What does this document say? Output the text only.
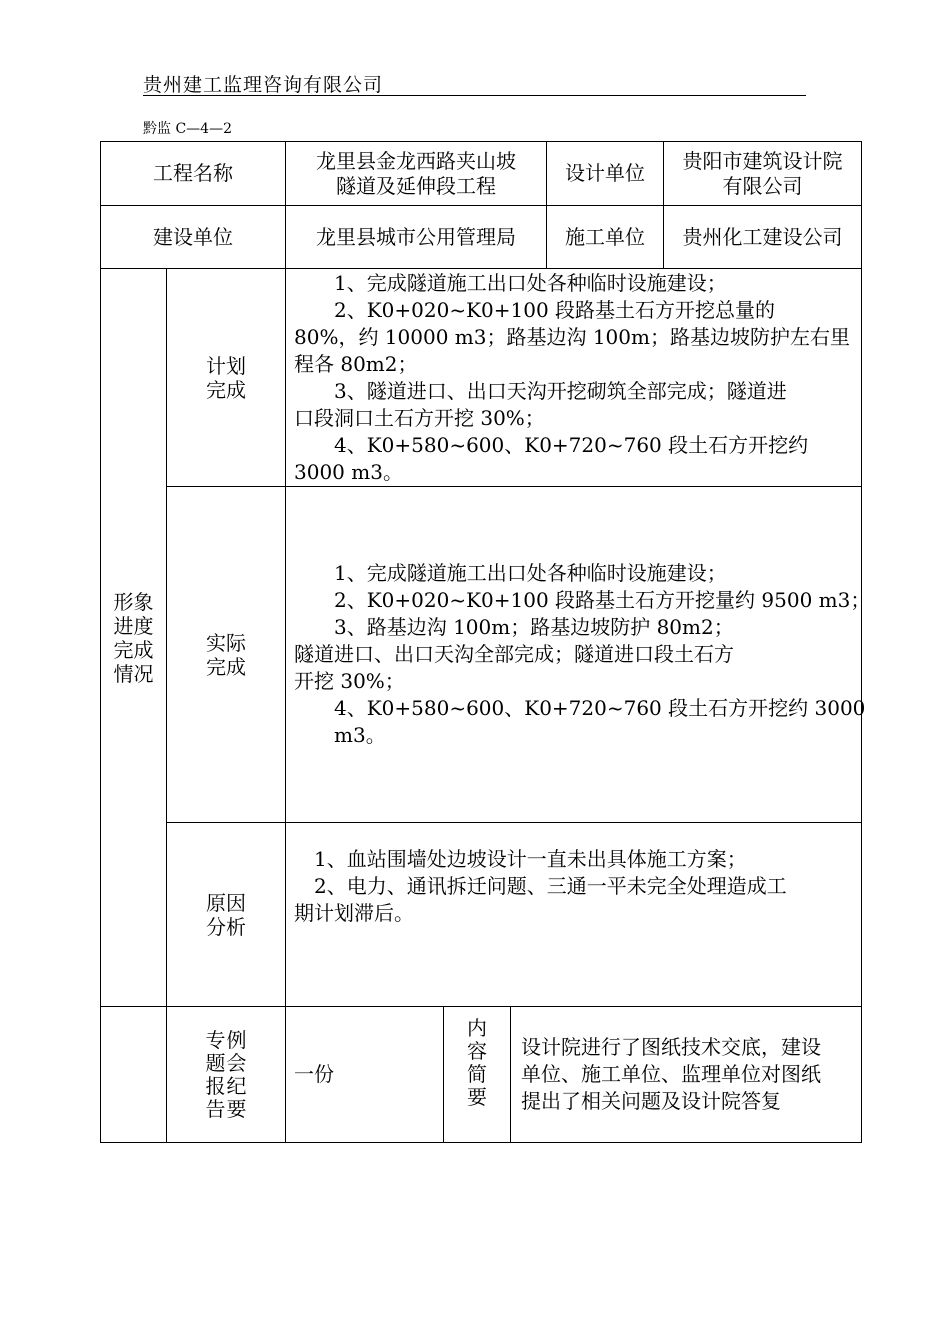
贵州建工监理咨询有限公司
黔监 C—4—2
工程名称
龙里县金龙西路夹山坡
隧道及延伸段工程
设计单位
贵阳市建筑设计院
有限公司
建设单位	龙里县城市公用管理局 施工单位 贵州化工建设公司
形象
进度
完成
情况
计划
完成
　　1、完成隧道施工出口处各种临时设施建设；
　　2、K0+020~K0+100 段路基土石方开挖总量的
80%，约 10000 m3；路基边沟 100m；路基边坡防护左右里
程各 80m2；
　　3、隧道进口、出口天沟开挖砌筑全部完成；隧道进
口段洞口土石方开挖 30%；
　　4、K0+580~600、K0+720~760 段土石方开挖约
3000 m3。
实际
完成
　　1、完成隧道施工出口处各种临时设施建设；
　　2、K0+020~K0+100 段路基土石方开挖量约 9500 m3；
　　3、路基边沟 100m；路基边坡防护 80m2；
隧道进口、出口天沟全部完成；隧道进口段土石方
开挖 30%；
　　4、K0+580~600、K0+720~760 段土石方开挖约 3000
　　m3。
原因
分析
　1、血站围墙处边坡设计一直未出具体施工方案；
　2、电力、通讯拆迁问题、三通一平未完全处理造成工
期计划滞后。
专
题
报
告
例
会
纪
要
一份
内
容
简
要
设计院进行了图纸技术交底，建设
单位、施工单位、监理单位对图纸
提出了相关问题及设计院答复
